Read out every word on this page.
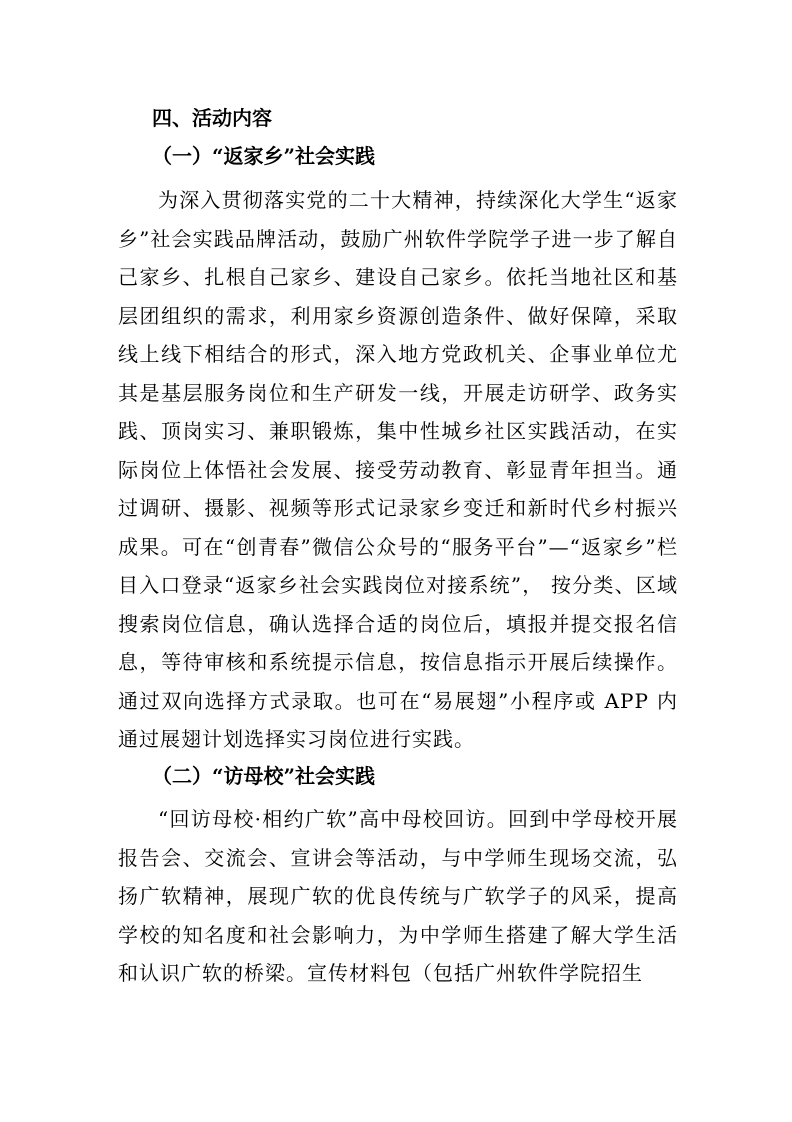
四、活动内容
（一）“返家乡”社会实践

为深入贯彻落实党的二十大精神，持续深化大学生“返家乡”社会实践品牌活动，鼓励广州软件学院学子进一步了解自己家乡、扎根自己家乡、建设自己家乡。依托当地社区和基层团组织的需求，利用家乡资源创造条件、做好保障，采取线上线下相结合的形式，深入地方党政机关、企事业单位尤其是基层服务岗位和生产研发一线，开展走访研学、政务实践、顶岗实习、兼职锻炼，集中性城乡社区实践活动，在实际岗位上体悟社会发展、接受劳动教育、彰显青年担当。通过调研、摄影、视频等形式记录家乡变迁和新时代乡村振兴成果。可在“创青春”微信公众号的“服务平台”—“返家乡”栏目入口登录“返家乡社会实践岗位对接系统”， 按分类、区域搜索岗位信息，确认选择合适的岗位后，填报并提交报名信息，等待审核和系统提示信息，按信息指示开展后续操作。通过双向选择方式录取。也可在“易展翅”小程序或 APP 内通过展翅计划选择实习岗位进行实践。

（二）“访母校”社会实践

“回访母校·相约广软”高中母校回访。回到中学母校开展报告会、交流会、宣讲会等活动，与中学师生现场交流，弘扬广软精神，展现广软的优良传统与广软学子的风采，提高学校的知名度和社会影响力，为中学师生搭建了解大学生活和认识广软的桥梁。宣传材料包（包括广州软件学院招生
